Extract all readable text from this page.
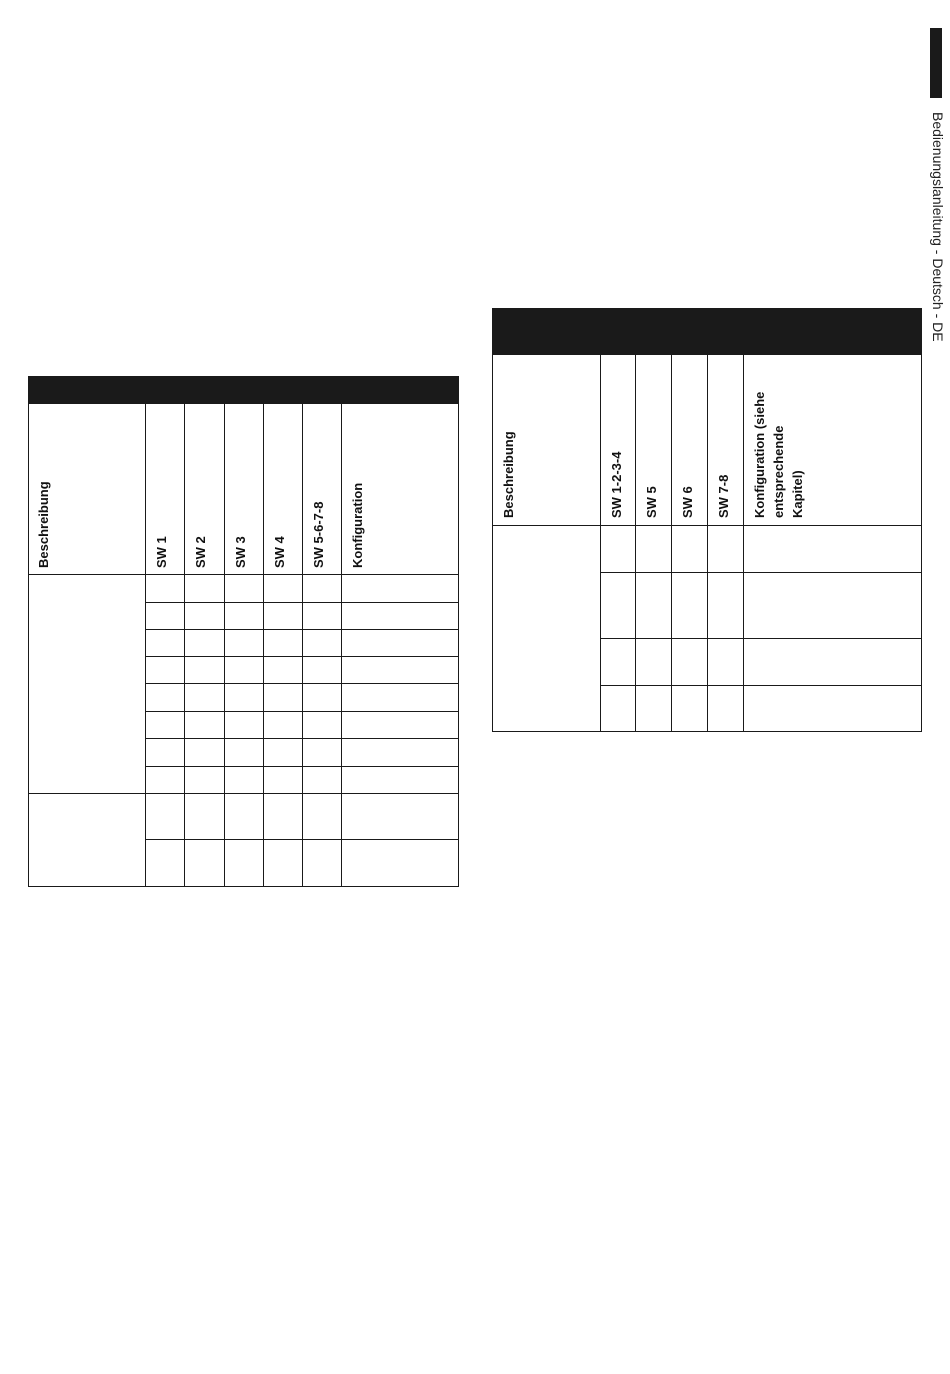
Bedienungslanleitung - Deutsch - DE
Beschreibung	SW 1 SW 2 SW 3 SW 4 SW 5-6-7-8 Konfiguration
Beschreibung	SW 1-2-3-4 SW 5 SW 6 SW 7-8 Konfiguration (siehe entsprechende Kapitel)
